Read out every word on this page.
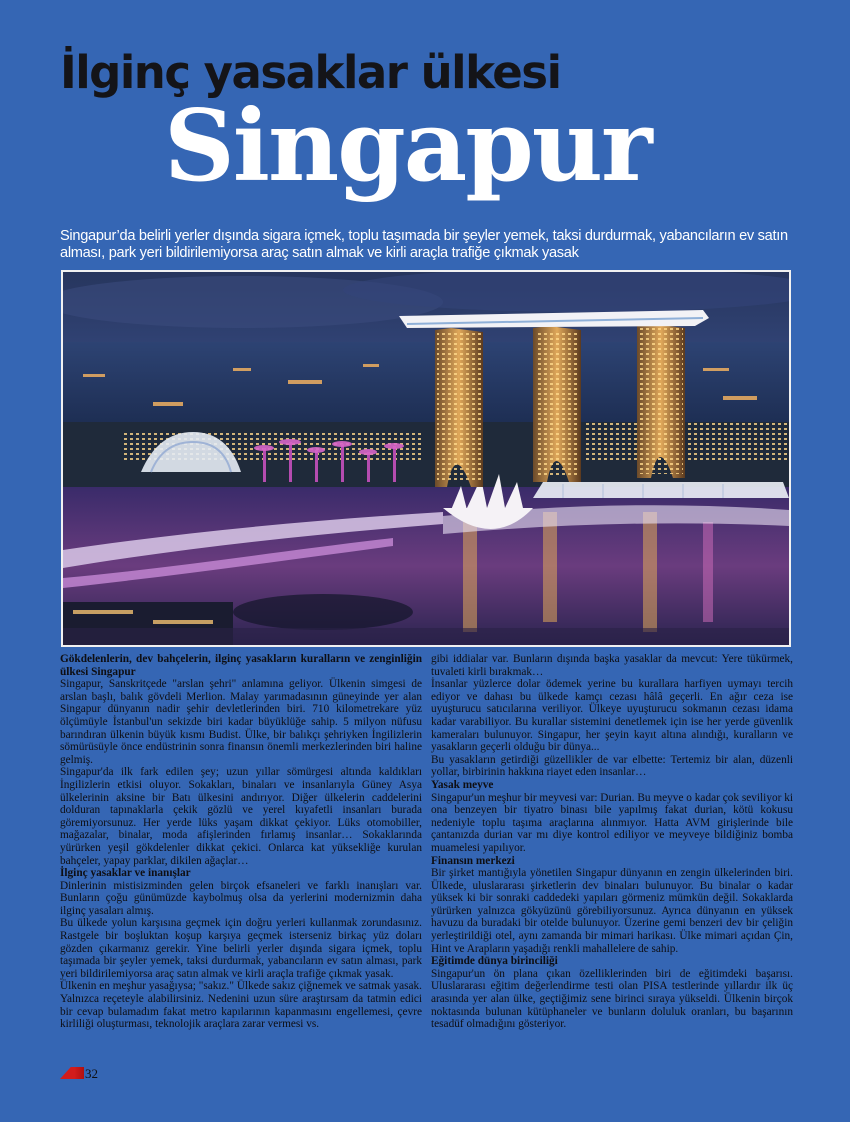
İlginç yasaklar ülkesi
Singapur

Singapur’da belirli yerler dışında sigara içmek, toplu taşımada bir şeyler yemek, taksi durdurmak, yabancıların ev satın alması, park yeri bildirilemiyorsa araç satın almak ve kirli araçla trafiğe çıkmak yasak

Gökdelenlerin, dev bahçelerin, ilginç yasakların kuralların ve zenginliğin ülkesi Singapur

Singapur, Sanskritçede "arslan şehri" anlamına geliyor. Ülkenin simgesi de arslan başlı, balık gövdeli Merlion. Malay yarımadasının güneyinde yer alan Singapur dünyanın nadir şehir devletlerinden biri. 710 kilometrekare yüz ölçümüyle İstanbul'un sekizde biri kadar büyüklüğe sahip. 5 milyon nüfusu barındıran ülkenin büyük kısmı Budist. Ülke, bir balıkçı şehriyken İngilizlerin sömürüsüyle önce endüstrinin sonra finansın önemli merkezlerinden biri haline gelmiş.

Singapur'da ilk fark edilen şey; uzun yıllar sömürgesi altında kaldıkları İngilizlerin etkisi oluyor. Sokakları, binaları ve insanlarıyla Güney Asya ülkelerinin aksine bir Batı ülkesini andırıyor. Diğer ülkelerin caddelerini dolduran tapınaklarla çekik gözlü ve yerel kıyafetli insanları burada göremiyorsunuz. Her yerde lüks yaşam dikkat çekiyor. Lüks otomobiller, mağazalar, binalar, moda afişlerinden fırlamış insanlar… Sokaklarında yürürken yeşil gökdelenler dikkat çekici. Onlarca kat yüksekliğe kurulan bahçeler, yapay parklar, dikilen ağaçlar…

İlginç yasaklar ve inanışlar

Dinlerinin mistisizminden gelen birçok efsaneleri ve farklı inanışları var. Bunların çoğu günümüzde kaybolmuş olsa da yerlerini modernizmin daha ilginç yasaları almış.

Bu ülkede yolun karşısına geçmek için doğru yerleri kullanmak zorundasınız. Rastgele bir boşluktan koşup karşıya geçmek isterseniz birkaç yüz doları gözden çıkarmanız gerekir. Yine belirli yerler dışında sigara içmek, toplu taşımada bir şeyler yemek, taksi durdurmak, yabancıların ev satın alması, park yeri bildirilemiyorsa araç satın almak ve kirli araçla trafiğe çıkmak yasak.

Ülkenin en meşhur yasağıysa; "sakız." Ülkede sakız çiğnemek ve satmak yasak. Yalnızca reçeteyle alabilirsiniz. Nedenini uzun süre araştırsam da tatmin edici bir cevap bulamadım fakat metro kapılarının kapanmasını engellemesi, çevre kirliliği oluşturması, teknolojik araçlara zarar vermesi vs.

gibi iddialar var. Bunların dışında başka yasaklar da mevcut: Yere tükürmek, tuvaleti kirli bırakmak…

İnsanlar yüzlerce dolar ödemek yerine bu kurallara harfiyen uymayı tercih ediyor ve dahası bu ülkede kamçı cezası hâlâ geçerli. En ağır ceza ise uyuşturucu satıcılarına veriliyor. Ülkeye uyuşturucu sokmanın cezası idama kadar varabiliyor. Bu kurallar sistemini denetlemek için ise her yerde güvenlik kameraları bulunuyor. Singapur, her şeyin kayıt altına alındığı, kuralların ve yasakların geçerli olduğu bir dünya...

Bu yasakların getirdiği güzellikler de var elbette: Tertemiz bir alan, düzenli yollar, birbirinin hakkına riayet eden insanlar…

Yasak meyve

Singapur'un meşhur bir meyvesi var: Durian. Bu meyve o kadar çok seviliyor ki ona benzeyen bir tiyatro binası bile yapılmış fakat durian, kötü kokusu nedeniyle toplu taşıma araçlarına alınmıyor. Hatta AVM girişlerinde bile çantanızda durian var mı diye kontrol ediliyor ve meyveye bildiğiniz bomba muamelesi yapılıyor.

Finansın merkezi

Bir şirket mantığıyla yönetilen Singapur dünyanın en zengin ülkelerinden biri. Ülkede, uluslararası şirketlerin dev binaları bulunuyor. Bu binalar o kadar yüksek ki bir sonraki caddedeki yapıları görmeniz mümkün değil. Sokaklarda yürürken yalnızca gökyüzünü görebiliyorsunuz. Ayrıca dünyanın en yüksek havuzu da buradaki bir otelde bulunuyor. Üzerine gemi benzeri dev bir çeliğin yerleştirildiği otel, aynı zamanda bir mimari harikası. Ülke mimari açıdan Çin, Hint ve Arapların yaşadığı renkli mahallelere de sahip.

Eğitimde dünya birinciliği

Singapur'un ön plana çıkan özelliklerinden biri de eğitimdeki başarısı. Uluslararası eğitim değerlendirme testi olan PISA testlerinde yıllardır ilk üç arasında yer alan ülke, geçtiğimiz sene birinci sıraya yükseldi. Ülkenin birçok noktasında bulunan kütüphaneler ve bunların doluluk oranları, bu başarının tesadüf olmadığını gösteriyor.

32
